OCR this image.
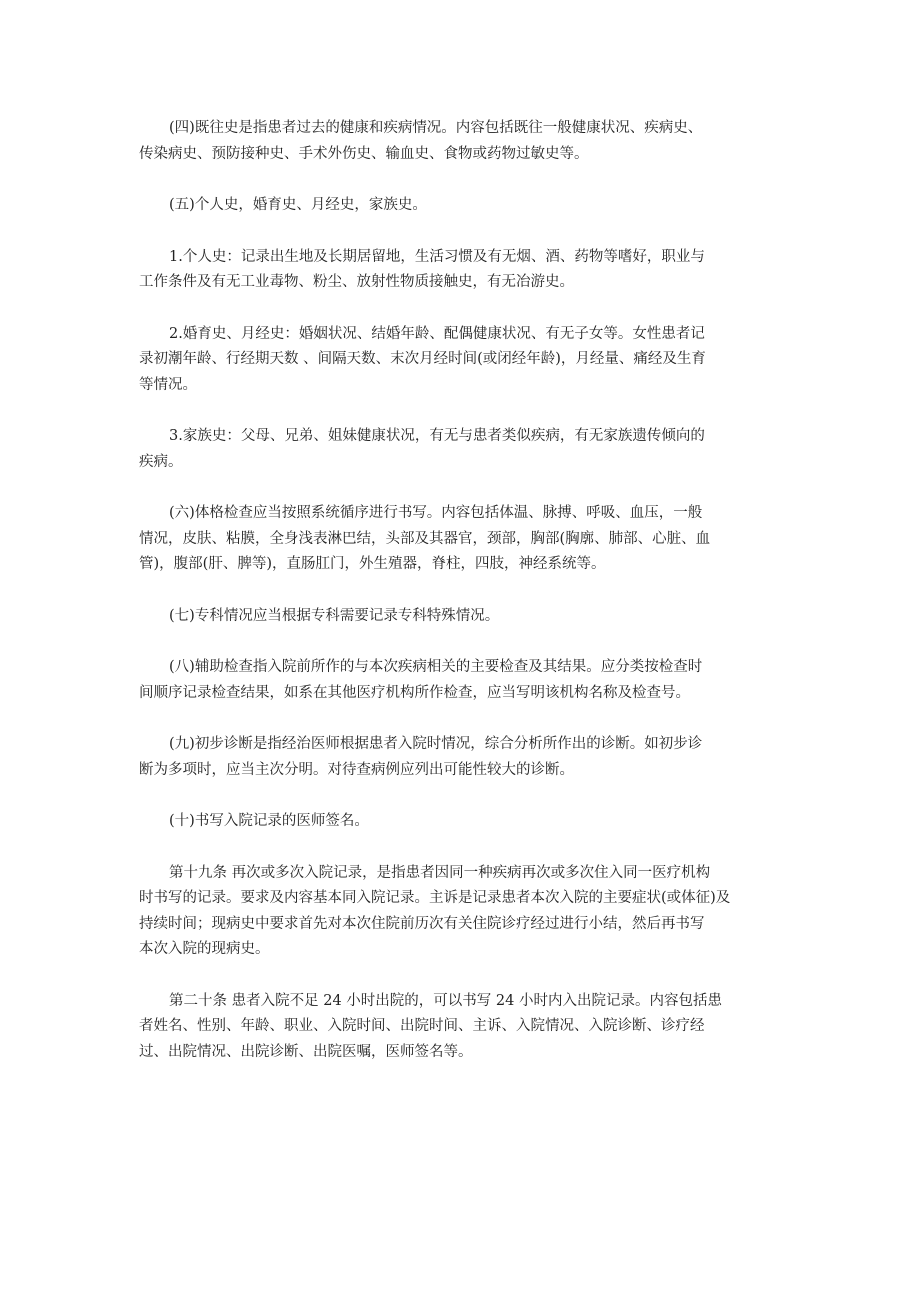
(四)既往史是指患者过去的健康和疾病情况。内容包括既往一般健康状况、疾病史、
传染病史、预防接种史、手术外伤史、输血史、食物或药物过敏史等。
(五)个人史，婚育史、月经史，家族史。
1.个人史：记录出生地及长期居留地，生活习惯及有无烟、酒、药物等嗜好，职业与
工作条件及有无工业毒物、粉尘、放射性物质接触史，有无冶游史。
2.婚育史、月经史：婚姻状况、结婚年龄、配偶健康状况、有无子女等。女性患者记
录初潮年龄、行经期天数 、间隔天数、末次月经时间(或闭经年龄)，月经量、痛经及生育
等情况。
3.家族史：父母、兄弟、姐妹健康状况，有无与患者类似疾病，有无家族遗传倾向的
疾病。
(六)体格检查应当按照系统循序进行书写。内容包括体温、脉搏、呼吸、血压，一般
情况，皮肤、粘膜，全身浅表淋巴结，头部及其器官，颈部，胸部(胸廓、肺部、心脏、血
管)，腹部(肝、脾等)，直肠肛门，外生殖器，脊柱，四肢，神经系统等。
(七)专科情况应当根据专科需要记录专科特殊情况。
(八)辅助检查指入院前所作的与本次疾病相关的主要检查及其结果。应分类按检查时
间顺序记录检查结果，如系在其他医疗机构所作检查，应当写明该机构名称及检查号。
(九)初步诊断是指经治医师根据患者入院时情况，综合分析所作出的诊断。如初步诊
断为多项时，应当主次分明。对待查病例应列出可能性较大的诊断。
(十)书写入院记录的医师签名。
第十九条 再次或多次入院记录，是指患者因同一种疾病再次或多次住入同一医疗机构
时书写的记录。要求及内容基本同入院记录。主诉是记录患者本次入院的主要症状(或体征)及
持续时间；现病史中要求首先对本次住院前历次有关住院诊疗经过进行小结，然后再书写
本次入院的现病史。
第二十条 患者入院不足 24 小时出院的，可以书写 24 小时内入出院记录。内容包括患
者姓名、性别、年龄、职业、入院时间、出院时间、主诉、入院情况、入院诊断、诊疗经
过、出院情况、出院诊断、出院医嘱，医师签名等。
